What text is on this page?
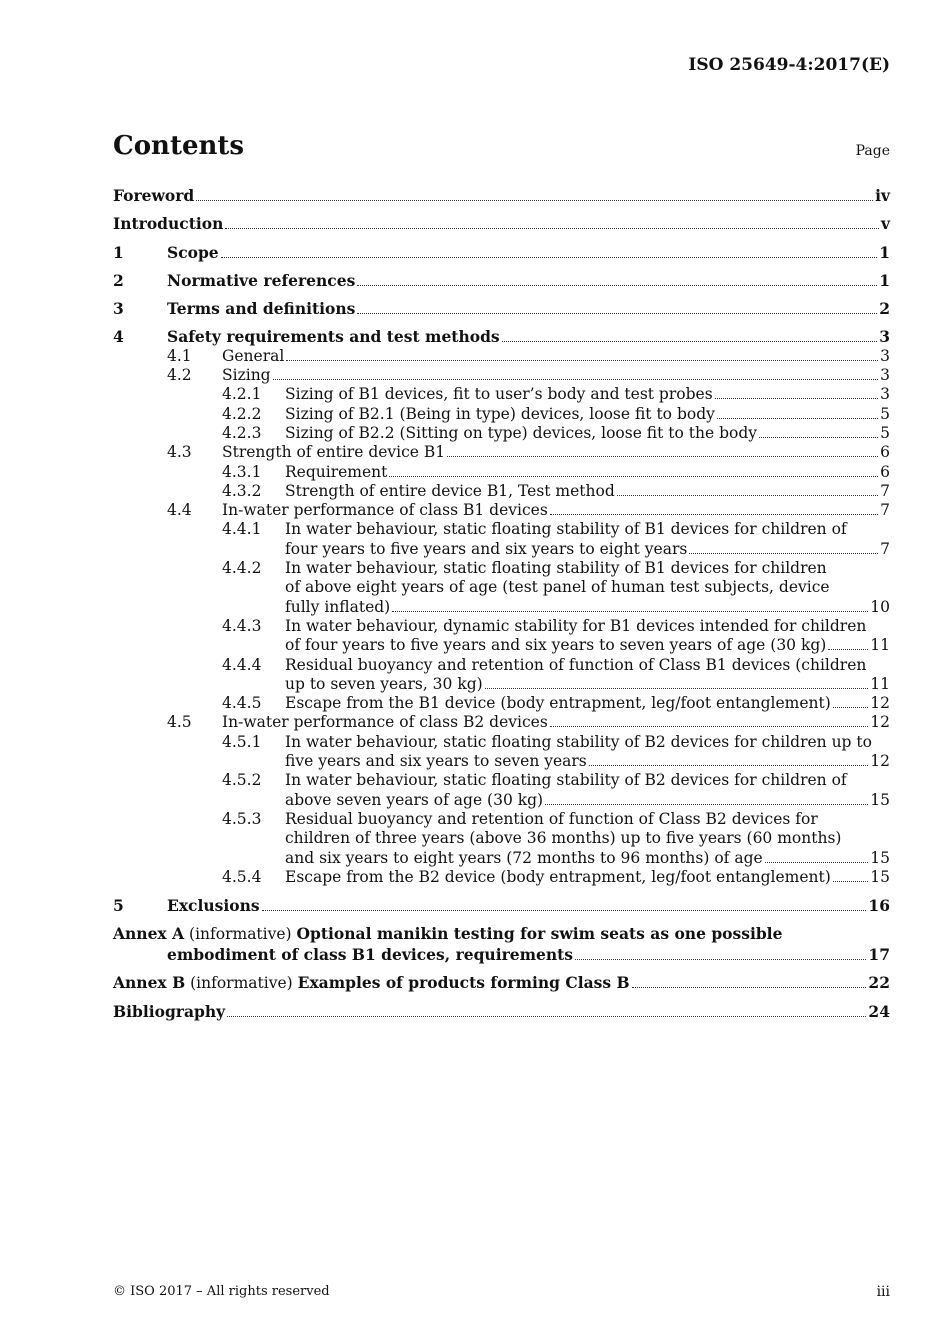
ISO 25649-4:2017(E)
Contents	Page
Foreword	iv
Introduction	v
1	Scope	1
2	Normative references	1
3	Terms and definitions	2
4	Safety requirements and test methods	3
4.1 General	3
4.2 Sizing	3
4.2.1 Sizing of B1 devices, fit to user’s body and test probes	3
4.2.2 Sizing of B2.1 (Being in type) devices, loose fit to body	5
4.2.3 Sizing of B2.2 (Sitting on type) devices, loose fit to the body	5
4.3 Strength of entire device B1	6
4.3.1 Requirement	6
4.3.2 Strength of entire device B1, Test method	7
4.4 In-water performance of class B1 devices	7
4.4.1 In water behaviour, static floating stability of B1 devices for children of
four years to five years and six years to eight years	7
4.4.2 In water behaviour, static floating stability of B1 devices for children
of above eight years of age (test panel of human test subjects, device
fully inflated)	10
4.4.3 In water behaviour, dynamic stability for B1 devices intended for children
of four years to five years and six years to seven years of age (30 kg)	11
4.4.4 Residual buoyancy and retention of function of Class B1 devices (children
up to seven years, 30 kg)	11
4.4.5 Escape from the B1 device (body entrapment, leg/foot entanglement)	12
4.5 In-water performance of class B2 devices	12
4.5.1 In water behaviour, static floating stability of B2 devices for children up to
five years and six years to seven years	12
4.5.2 In water behaviour, static floating stability of B2 devices for children of
above seven years of age (30 kg)	15
4.5.3 Residual buoyancy and retention of function of Class B2 devices for
children of three years (above 36 months) up to five years (60 months)
and six years to eight years (72 months to 96 months) of age	15
4.5.4 Escape from the B2 device (body entrapment, leg/foot entanglement)	15
5	Exclusions	16
Annex A (informative) Optional manikin testing for swim seats as one possible
embodiment of class B1 devices, requirements	17
Annex B (informative) Examples of products forming Class B	22
Bibliography	24
© ISO 2017 – All rights reserved	iii
